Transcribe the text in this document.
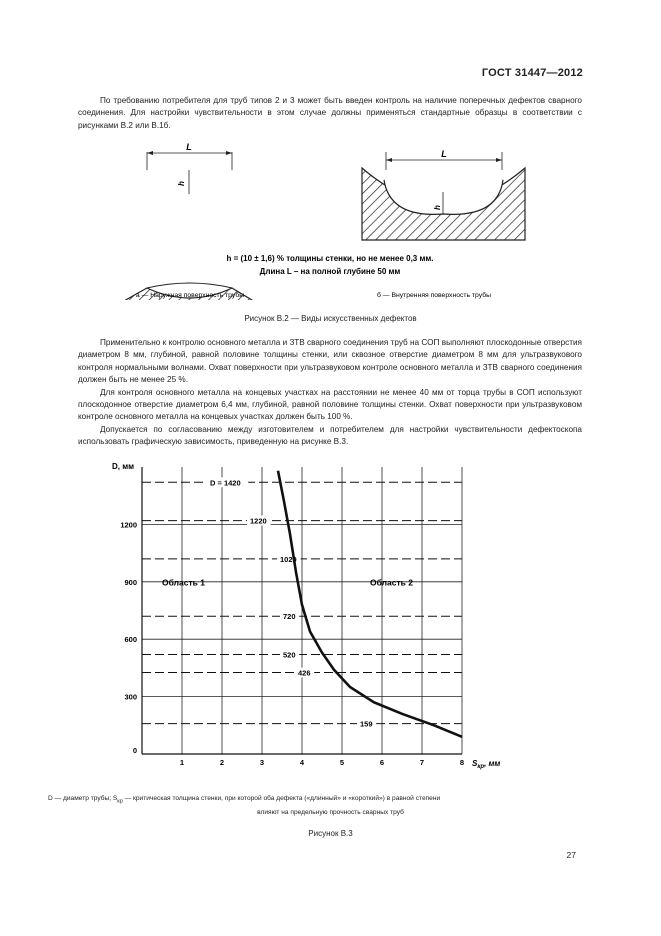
ГОСТ 31447—2012

По требованию потребителя для труб типов 2 и 3 может быть введен контроль на наличие поперечных дефектов сварного соединения. Для настройки чувствительности в этом случае должны применяться стандартные образцы в соответствии с рисунками В.2 или В.1б.

L
h
L
h
h = (10 ± 1,6) % толщины стенки, но не менее 0,3 мм.
Длина L – на полной глубине 50 мм
а — Наружная поверхность трубы	б — Внутренняя поверхность трубы
Рисунок В.2 — Виды искусственных дефектов

Применительно к контролю основного металла и ЗТВ сварного соединения труб на СОП выполняют плоскодонные отверстия диаметром 8 мм, глубиной, равной половине толщины стенки, или сквозное отверстие диаметром 8 мм для ультразвукового контроля нормальными волнами. Охват поверхности при ультразвуковом контроле основного металла и ЗТВ сварного соединения должен быть не менее 25 %.

Для контроля основного металла на концевых участках на расстоянии не менее 40 мм от торца трубы в СОП используют плоскодонное отверстие диаметром 6,4 мм, глубиной, равной половине толщины стенки. Охват поверхности при ультразвуковом контроле основного металла на концевых участках должен быть 100 %.

Допускается по согласованию между изготовителем и потребителем для настройки чувствительности дефектоскопа использовать графическую зависимость, приведенную на рисунке В.3.

D = 1420
1220
1020
720
520
426
159
1	2	3	4	5	6	7	8
0
300
600
900
1200
D, мм
$S_{кр}$, мм
Область 1	Область 2
D — диаметр трубы; $S_{кр}$ — критическая толщина стенки, при которой оба дефекта («длинный» и «короткий») в равной степени
влияют на предельную прочность сварных труб
Рисунок В.3
27
